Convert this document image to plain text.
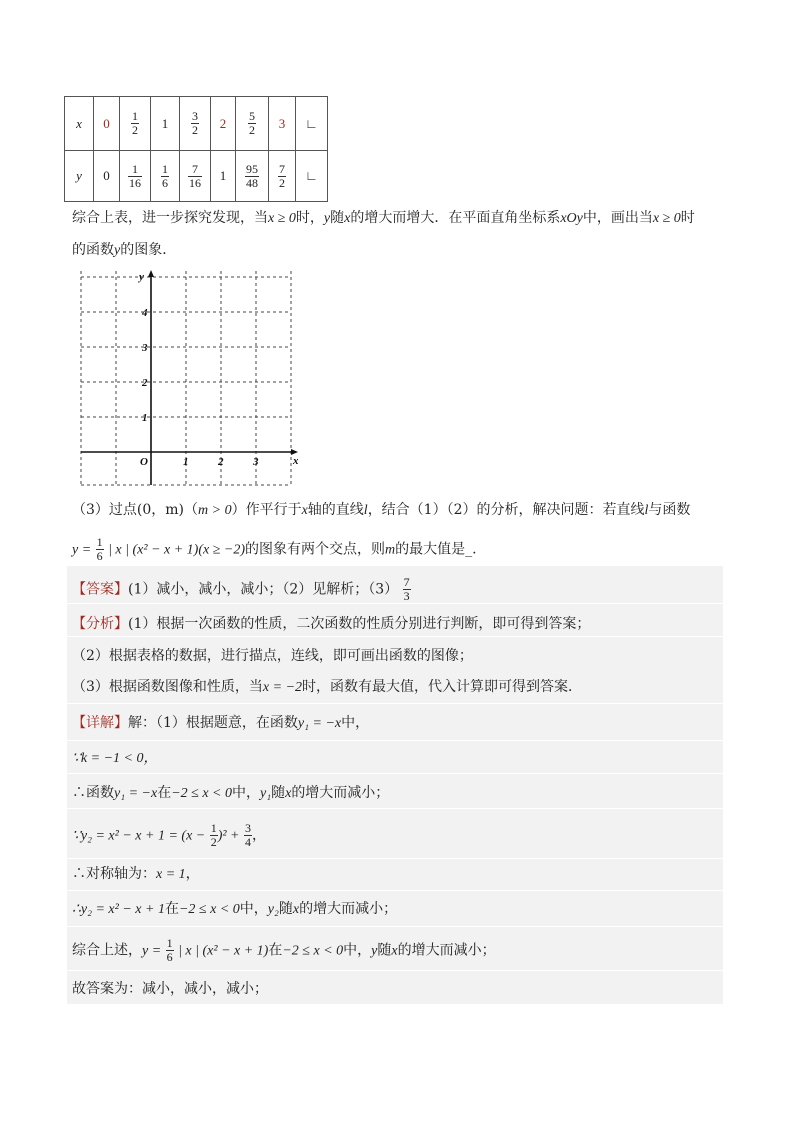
x	0	$\frac{1}{2}$	1	$\frac{3}{2}$	2	$\frac{5}{2}$	3	∟
y	0	$\frac{1}{16}$	$\frac{1}{6}$	$\frac{7}{16}$	1	$\frac{95}{48}$	$\frac{7}{2}$	∟
综合上表，进一步探究发现，当x ≥ 0时，y随x的增大而增大．在平面直角坐标系xOy中，画出当x ≥ 0时
的函数y的图象．
x
y
O	1	2	3
1
2
3
4
（3）过点(0，m)（m > 0）作平行于x轴的直线l，结合（1）（2）的分析，解决问题：若直线l与函数
$y = \frac{1}{6}$ | x | (x² − x + 1)(x ≥ −2)的图象有两个交点，则m的最大值是_.
【答案】(1）减小，减小，减小；（2）见解析；$(3) \frac{7}{3}$
【分析】(1）根据一次函数的性质，二次函数的性质分别进行判断，即可得到答案；
（2）根据表格的数据，进行描点，连线，即可画出函数的图像；
（3）根据函数图像和性质，当x = −2时，函数有最大值，代入计算即可得到答案．
【详解】解：（1）根据题意，在函数y₁ = −x中，
∵k = −1 < 0，
∴函数y₁ = −x在−2 ≤ x < 0中，y₁随x的增大而减小；
∵y₂ = $x^2 - x + 1 = (x - \frac{1}{2} )^2 + \frac{3}{4}$ ，
∴对称轴为：x = 1，
∴y₂ = x² − x + 1在−2 ≤ x < 0中，y₂随x的增大而减小；
综合上述，$y = \frac{1}{6}$ | x | (x² − x + 1)在−2 ≤ x < 0中，y随x的增大而减小；
故答案为：减小，减小，减小；
